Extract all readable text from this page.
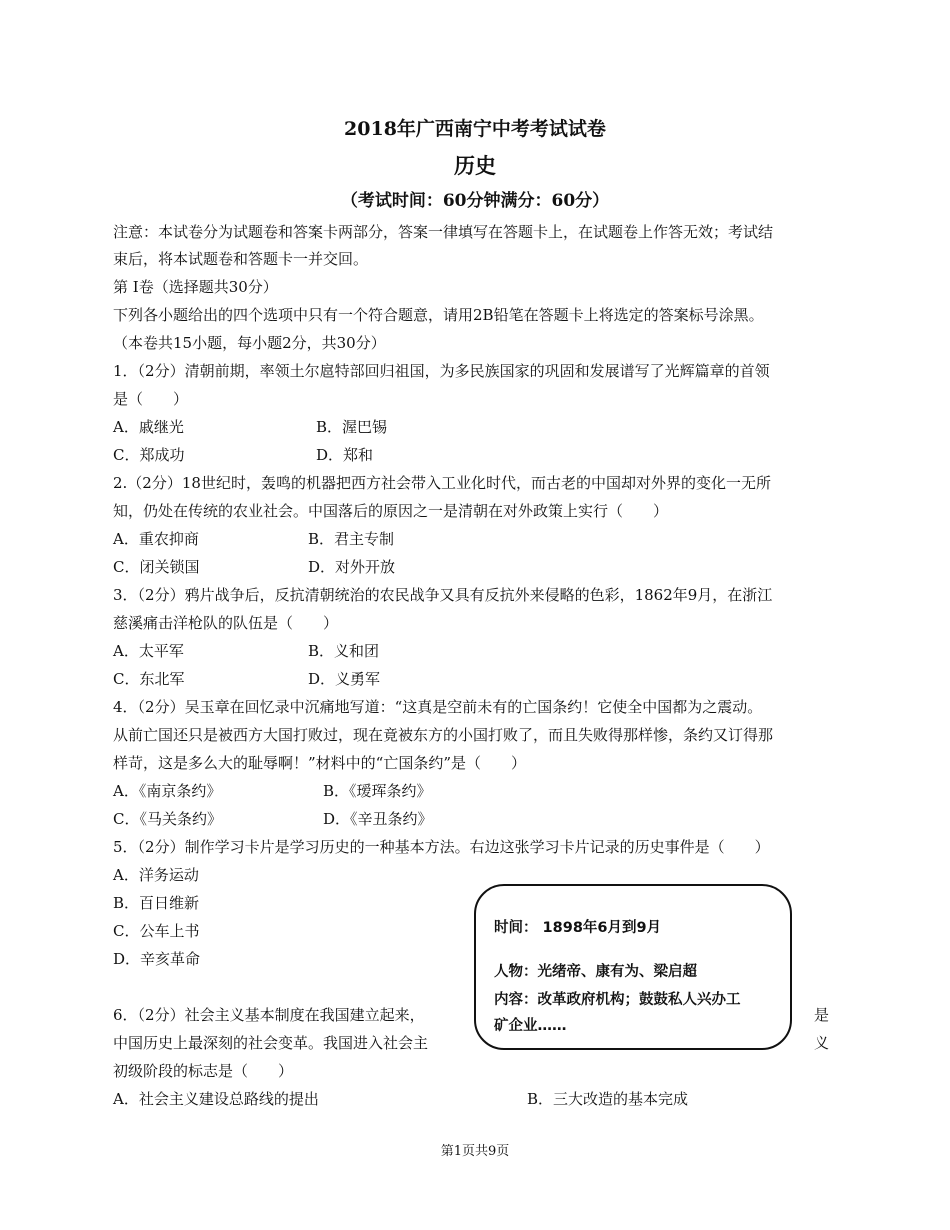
2018年广西南宁中考考试试卷
历史
（考试时间：60分钟满分：60分）
注意：本试卷分为试题卷和答案卡两部分，答案一律填写在答题卡上，在试题卷上作答无效；考试结
束后，将本试题卷和答题卡一并交回。
第 Ⅰ卷（选择题共30分）
下列各小题给出的四个选项中只有一个符合题意，请用2B铅笔在答题卡上将选定的答案标号涂黑。
（本卷共15小题，每小题2分，共30分）
1．（2分）清朝前期，率领土尔扈特部回归祖国，为多民族国家的巩固和发展谱写了光辉篇章的首领
是（　　）
A．戚继光	B．渥巴锡
C．郑成功	D．郑和
2.（2分）18世纪时，轰鸣的机器把西方社会带入工业化时代，而古老的中国却对外界的变化一无所
知，仍处在传统的农业社会。中国落后的原因之一是清朝在对外政策上实行（　　）
A．重农抑商	B．君主专制
C．闭关锁国	D．对外开放
3．（2分）鸦片战争后，反抗清朝统治的农民战争又具有反抗外来侵略的色彩，1862年9月，在浙江
慈溪痛击洋枪队的队伍是（　　）
A．太平军	B．义和团
C．东北军	D．义勇军
4．（2分）吴玉章在回忆录中沉痛地写道：“这真是空前未有的亡国条约！它使全中国都为之震动。
从前亡国还只是被西方大国打败过，现在竟被东方的小国打败了，而且失败得那样惨，条约又订得那
样苛，这是多么大的耻辱啊！”材料中的“亡国条约”是（　　）
A．《南京条约》	B．《瑷珲条约》
C．《马关条约》	D．《辛丑条约》
5．（2分）制作学习卡片是学习历史的一种基本方法。右边这张学习卡片记录的历史事件是（　　）
A．洋务运动
B．百日维新
C．公车上书
D．辛亥革命
时间： 1898年6月到9月
人物：光绪帝、康有为、梁启超
内容：改革政府机构；鼓鼓私人兴办工
矿企业……
6．（2分）社会主义基本制度在我国建立起来，	是
中国历史上最深刻的社会变革。我国进入社会主	义
初级阶段的标志是（　　）
A．社会主义建设总路线的提出	B．三大改造的基本完成
第1页共9页
